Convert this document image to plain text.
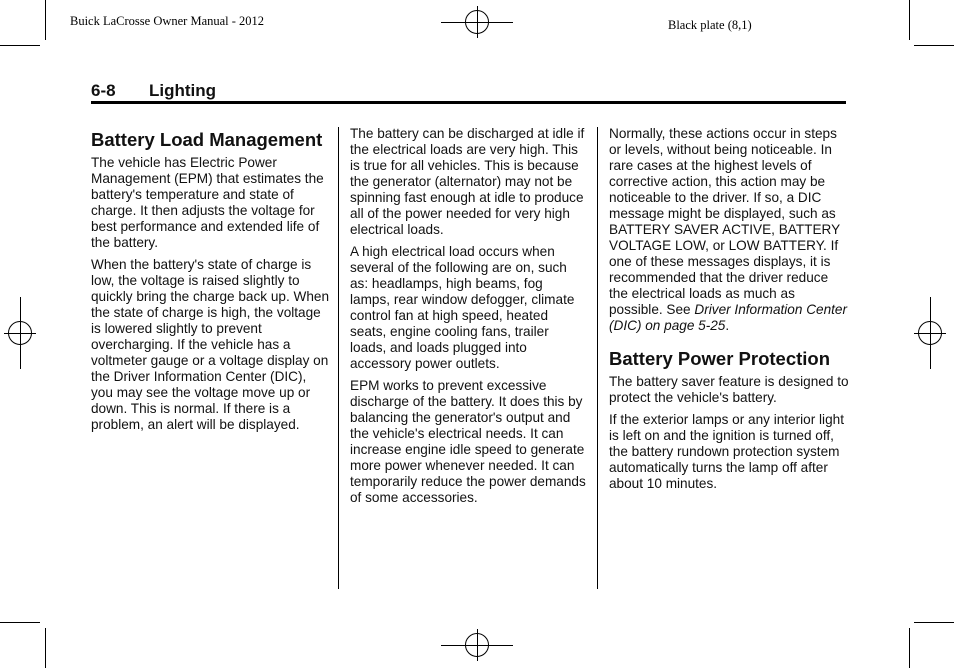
Buick LaCrosse Owner Manual - 2012	Black plate (8,1)
6-8 Lighting
Battery Load Management

The vehicle has Electric Power Management (EPM) that estimates the battery's temperature and state of charge. It then adjusts the voltage for best performance and extended life of the battery.

When the battery's state of charge is low, the voltage is raised slightly to quickly bring the charge back up. When the state of charge is high, the voltage is lowered slightly to prevent overcharging. If the vehicle has a voltmeter gauge or a voltage display on the Driver Information Center (DIC), you may see the voltage move up or down. This is normal. If there is a problem, an alert will be displayed.

The battery can be discharged at idle if the electrical loads are very high. This is true for all vehicles. This is because the generator (alternator) may not be spinning fast enough at idle to produce all of the power needed for very high electrical loads.

A high electrical load occurs when several of the following are on, such as: headlamps, high beams, fog lamps, rear window defogger, climate control fan at high speed, heated seats, engine cooling fans, trailer loads, and loads plugged into accessory power outlets.

EPM works to prevent excessive discharge of the battery. It does this by balancing the generator's output and the vehicle's electrical needs. It can increase engine idle speed to generate more power whenever needed. It can temporarily reduce the power demands of some accessories.

Normally, these actions occur in steps or levels, without being noticeable. In rare cases at the highest levels of corrective action, this action may be noticeable to the driver. If so, a DIC message might be displayed, such as BATTERY SAVER ACTIVE, BATTERY VOLTAGE LOW, or LOW BATTERY. If one of these messages displays, it is recommended that the driver reduce the electrical loads as much as possible. See Driver Information Center (DIC) on page 5-25.

Battery Power Protection

The battery saver feature is designed to protect the vehicle's battery.

If the exterior lamps or any interior light is left on and the ignition is turned off, the battery rundown protection system automatically turns the lamp off after about 10 minutes.
